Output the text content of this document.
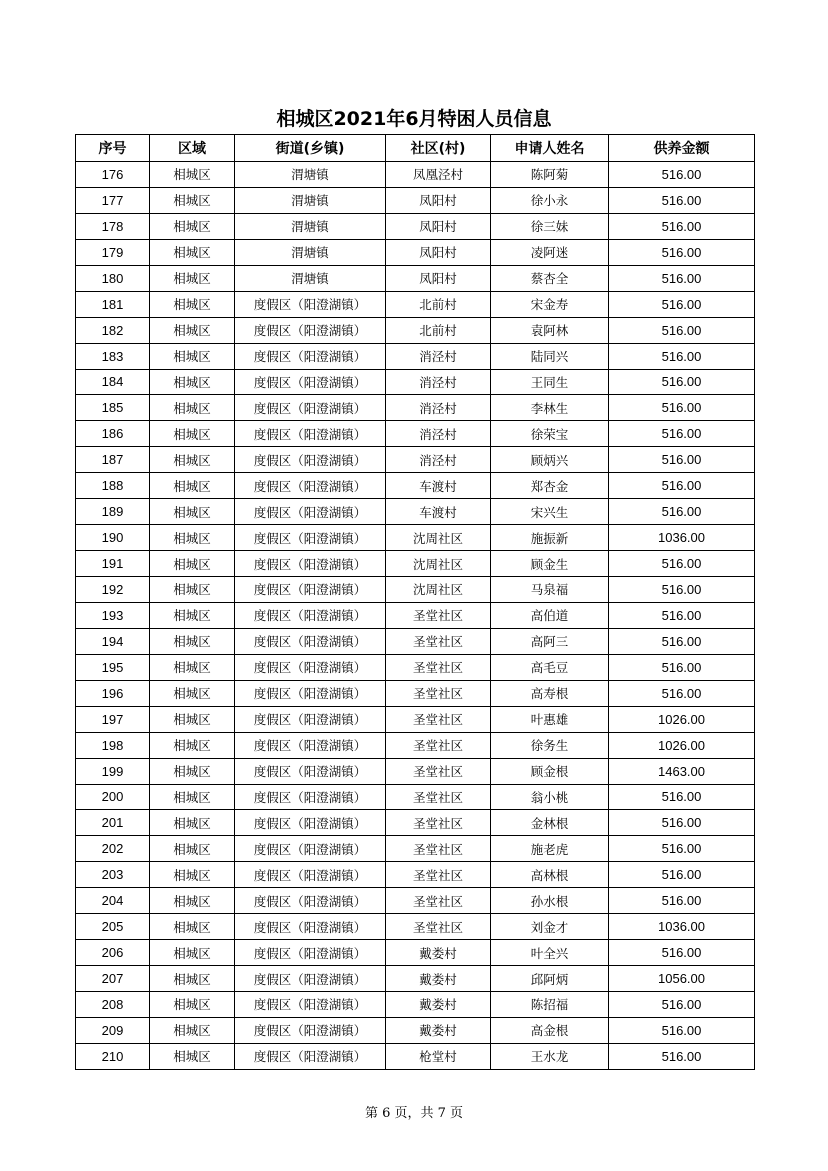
相城区2021年6月特困人员信息
序号	区域	街道(乡镇)	社区(村)	申请人姓名	供养金额
176	相城区	渭塘镇	凤凰泾村	陈阿菊	516.00
177	相城区	渭塘镇	凤阳村	徐小永	516.00
178	相城区	渭塘镇	凤阳村	徐三妹	516.00
179	相城区	渭塘镇	凤阳村	凌阿迷	516.00
180	相城区	渭塘镇	凤阳村	蔡杏全	516.00
181	相城区	度假区（阳澄湖镇）	北前村	宋金寿	516.00
182	相城区	度假区（阳澄湖镇）	北前村	袁阿林	516.00
183	相城区	度假区（阳澄湖镇）	消泾村	陆同兴	516.00
184	相城区	度假区（阳澄湖镇）	消泾村	王同生	516.00
185	相城区	度假区（阳澄湖镇）	消泾村	李林生	516.00
186	相城区	度假区（阳澄湖镇）	消泾村	徐荣宝	516.00
187	相城区	度假区（阳澄湖镇）	消泾村	顾炳兴	516.00
188	相城区	度假区（阳澄湖镇）	车渡村	郑杏金	516.00
189	相城区	度假区（阳澄湖镇）	车渡村	宋兴生	516.00
190	相城区	度假区（阳澄湖镇）	沈周社区	施振新	1036.00
191	相城区	度假区（阳澄湖镇）	沈周社区	顾金生	516.00
192	相城区	度假区（阳澄湖镇）	沈周社区	马泉福	516.00
193	相城区	度假区（阳澄湖镇）	圣堂社区	高伯道	516.00
194	相城区	度假区（阳澄湖镇）	圣堂社区	高阿三	516.00
195	相城区	度假区（阳澄湖镇）	圣堂社区	高毛豆	516.00
196	相城区	度假区（阳澄湖镇）	圣堂社区	高寿根	516.00
197	相城区	度假区（阳澄湖镇）	圣堂社区	叶惠雄	1026.00
198	相城区	度假区（阳澄湖镇）	圣堂社区	徐务生	1026.00
199	相城区	度假区（阳澄湖镇）	圣堂社区	顾金根	1463.00
200	相城区	度假区（阳澄湖镇）	圣堂社区	翁小桃	516.00
201	相城区	度假区（阳澄湖镇）	圣堂社区	金林根	516.00
202	相城区	度假区（阳澄湖镇）	圣堂社区	施老虎	516.00
203	相城区	度假区（阳澄湖镇）	圣堂社区	高林根	516.00
204	相城区	度假区（阳澄湖镇）	圣堂社区	孙水根	516.00
205	相城区	度假区（阳澄湖镇）	圣堂社区	刘金才	1036.00
206	相城区	度假区（阳澄湖镇）	戴娄村	叶全兴	516.00
207	相城区	度假区（阳澄湖镇）	戴娄村	邱阿炳	1056.00
208	相城区	度假区（阳澄湖镇）	戴娄村	陈招福	516.00
209	相城区	度假区（阳澄湖镇）	戴娄村	高金根	516.00
210	相城区	度假区（阳澄湖镇）	枪堂村	王水龙	516.00
第 6 页，共 7 页
